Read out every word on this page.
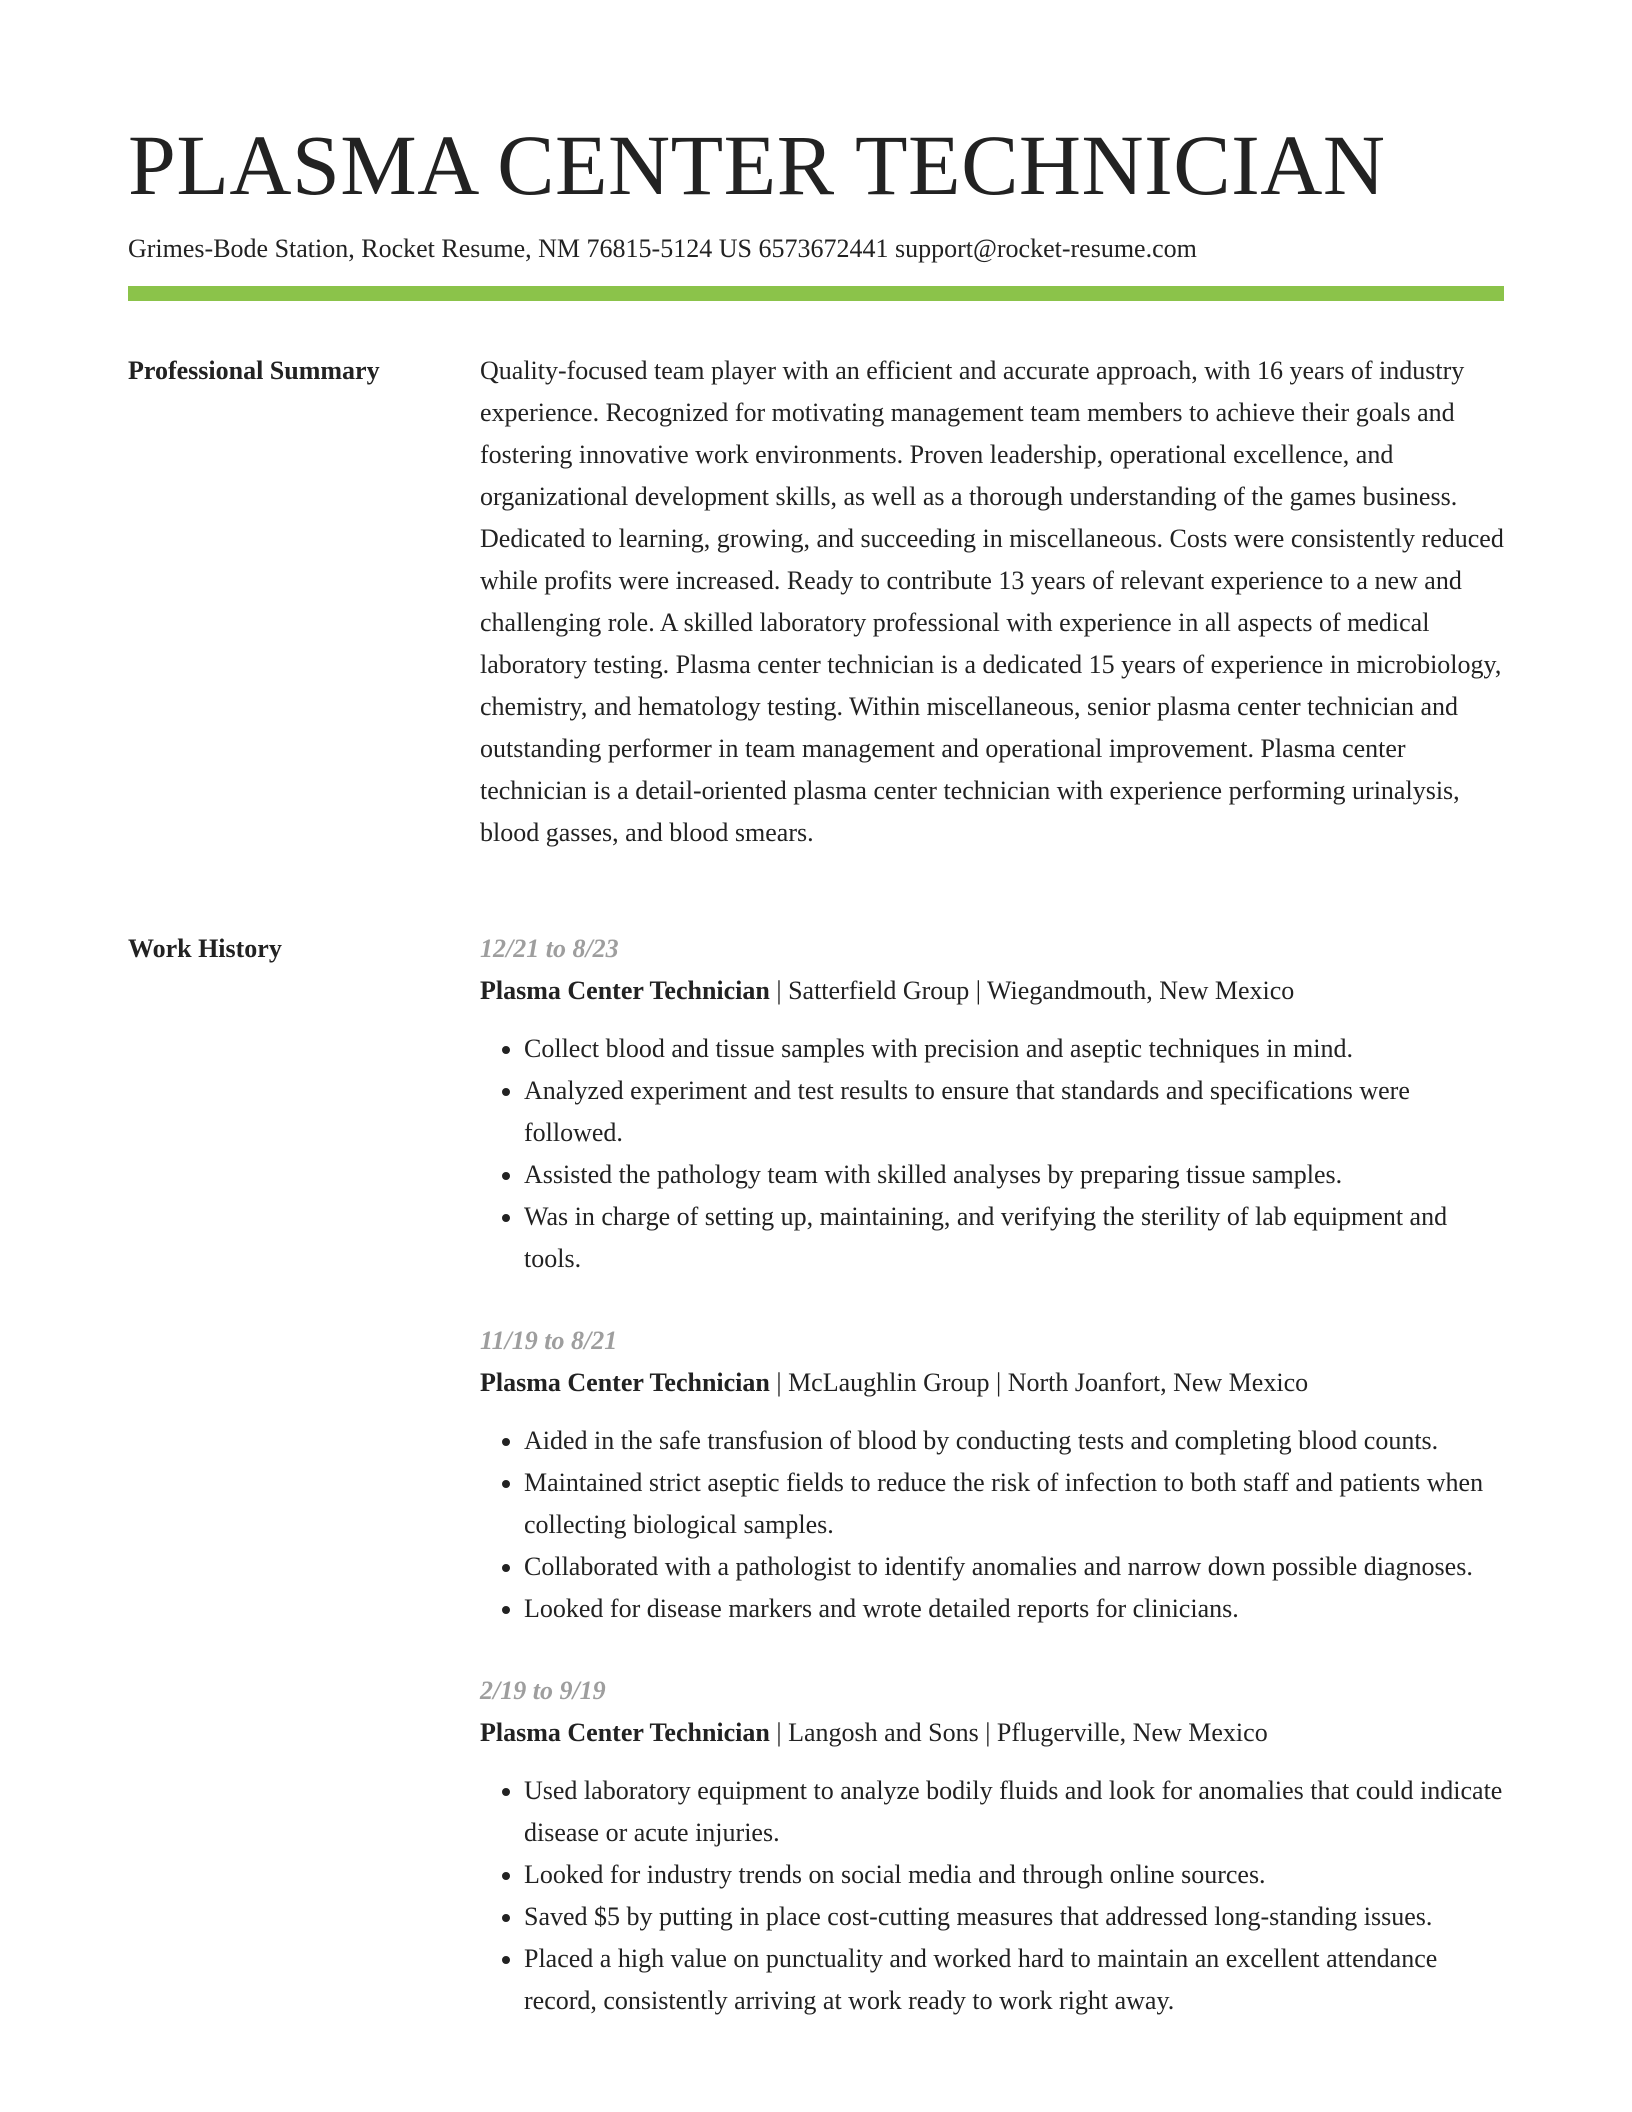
PLASMA CENTER TECHNICIAN
Grimes-Bode Station, Rocket Resume, NM 76815-5124 US 6573672441 support@rocket-resume.com
Professional Summary	Quality-focused team player with an efficient and accurate approach, with 16 years of industry experience. Recognized for motivating management team members to achieve their goals and fostering innovative work environments. Proven leadership, operational excellence, and organizational development skills, as well as a thorough understanding of the games business. Dedicated to learning, growing, and succeeding in miscellaneous. Costs were consistently reduced while profits were increased. Ready to contribute 13 years of relevant experience to a new and challenging role. A skilled laboratory professional with experience in all aspects of medical laboratory testing. Plasma center technician is a dedicated 15 years of experience in microbiology, chemistry, and hematology testing. Within miscellaneous, senior plasma center technician and outstanding performer in team management and operational improvement. Plasma center technician is a detail-oriented plasma center technician with experience performing urinalysis, blood gasses, and blood smears.

Work History	12/21 to 8/23
Plasma Center Technician | Satterfield Group | Wiegandmouth, New Mexico
• Collect blood and tissue samples with precision and aseptic techniques in mind.
• Analyzed experiment and test results to ensure that standards and specifications were followed.
• Assisted the pathology team with skilled analyses by preparing tissue samples.
• Was in charge of setting up, maintaining, and verifying the sterility of lab equipment and tools.
11/19 to 8/21
Plasma Center Technician | McLaughlin Group | North Joanfort, New Mexico
• Aided in the safe transfusion of blood by conducting tests and completing blood counts.
• Maintained strict aseptic fields to reduce the risk of infection to both staff and patients when collecting biological samples.
• Collaborated with a pathologist to identify anomalies and narrow down possible diagnoses.
• Looked for disease markers and wrote detailed reports for clinicians.
2/19 to 9/19
Plasma Center Technician | Langosh and Sons | Pflugerville, New Mexico
• Used laboratory equipment to analyze bodily fluids and look for anomalies that could indicate disease or acute injuries.
• Looked for industry trends on social media and through online sources.
• Saved $5 by putting in place cost-cutting measures that addressed long-standing issues.
• Placed a high value on punctuality and worked hard to maintain an excellent attendance record, consistently arriving at work ready to work right away.
